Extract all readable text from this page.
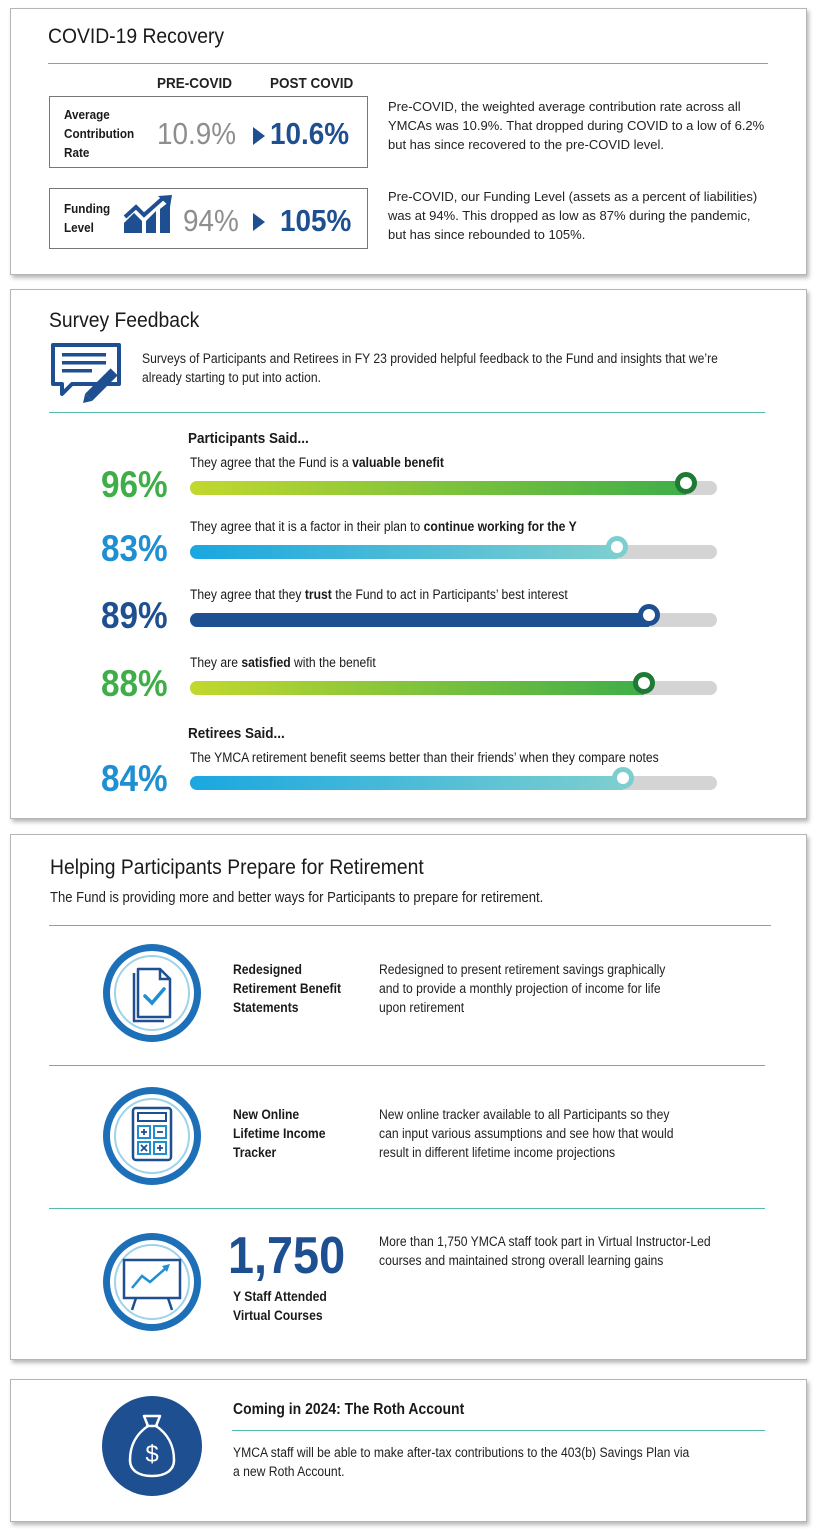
COVID-19 Recovery
PRE-COVID	POST COVID
Average
Contribution
Rate
10.9% 10.6%
Pre-COVID, the weighted average contribution rate across all YMCAs was 10.9%. That dropped during COVID to a low of 6.2% but has since recovered to the pre-COVID level.
Funding
Level	94% 105%
Pre-COVID, our Funding Level (assets as a percent of liabilities) was at 94%. This dropped as low as 87% during the pandemic, but has since rebounded to 105%.
Survey Feedback
Surveys of Participants and Retirees in FY 23 provided helpful feedback to the Fund and insights that we’re already starting to put into action.
Participants Said...
Retirees Said...
96%
They agree that the Fund is a valuable benefit
83%
They agree that it is a factor in their plan to continue working for the Y
89%
They agree that they trust the Fund to act in Participants’ best interest
88%
They are satisfied with the benefit
84%
The YMCA retirement benefit seems better than their friends’ when they compare notes
Helping Participants Prepare for Retirement
The Fund is providing more and better ways for Participants to prepare for retirement.
Redesigned
Retirement Benefit
Statements
Redesigned to present retirement savings graphically
and to provide a monthly projection of income for life
upon retirement
New Online
Lifetime Income
Tracker
New online tracker available to all Participants so they
can input various assumptions and see how that would
result in different lifetime income projections
1,750
Y Staff Attended
Virtual Courses
More than 1,750 YMCA staff took part in Virtual Instructor-Led
courses and maintained strong overall learning gains
$
Coming in 2024: The Roth Account
YMCA staff will be able to make after-tax contributions to the 403(b) Savings Plan via
a new Roth Account.
